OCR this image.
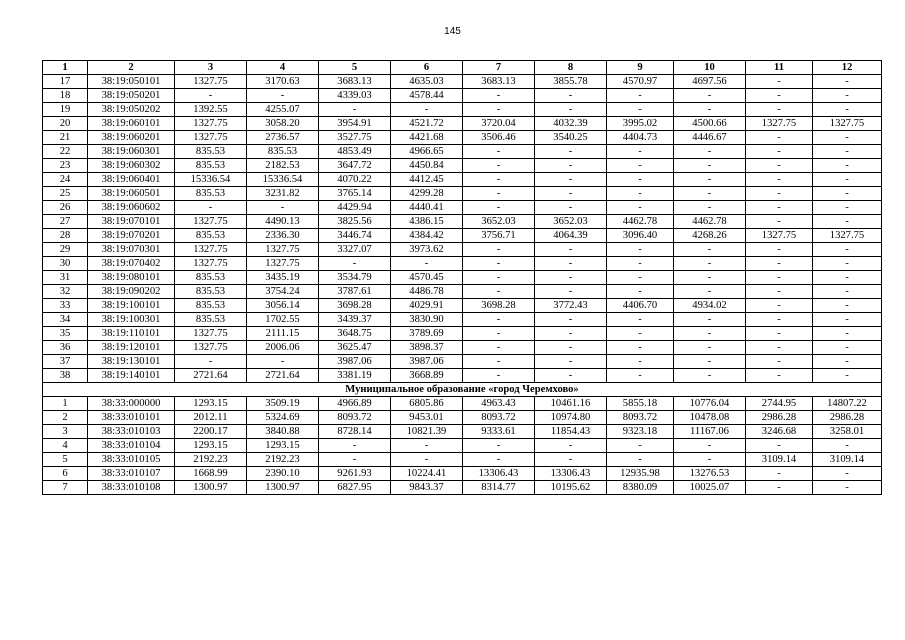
145
1	2	3	4	5	6	7	8	9	10	11	12
17	38:19:050101	1327.75	3170.63	3683.13	4635.03	3683.13	3855.78	4570.97	4697.56	-	-
18	38:19:050201	-	-	4339.03	4578.44	-	-	-	-	-	-
19	38:19:050202	1392.55	4255.07	-	-	-	-	-	-	-	-
20	38:19:060101	1327.75	3058.20	3954.91	4521.72	3720.04	4032.39	3995.02	4500.66	1327.75	1327.75
21	38:19:060201	1327.75	2736.57	3527.75	4421.68	3506.46	3540.25	4404.73	4446.67	-	-
22	38:19:060301	835.53	835.53	4853.49	4966.65	-	-	-	-	-	-
23	38:19:060302	835.53	2182.53	3647.72	4450.84	-	-	-	-	-	-
24	38:19:060401	15336.54	15336.54	4070.22	4412.45	-	-	-	-	-	-
25	38:19:060501	835.53	3231.82	3765.14	4299.28	-	-	-	-	-	-
26	38:19:060602	-	-	4429.94	4440.41	-	-	-	-	-	-
27	38:19:070101	1327.75	4490.13	3825.56	4386.15	3652.03	3652.03	4462.78	4462.78	-	-
28	38:19:070201	835.53	2336.30	3446.74	4384.42	3756.71	4064.39	3096.40	4268.26	1327.75	1327.75
29	38:19:070301	1327.75	1327.75	3327.07	3973.62	-	-	-	-	-	-
30	38:19:070402	1327.75	1327.75	-	-	-	-	-	-	-	-
31	38:19:080101	835.53	3435.19	3534.79	4570.45	-	-	-	-	-	-
32	38:19:090202	835.53	3754.24	3787.61	4486.78	-	-	-	-	-	-
33	38:19:100101	835.53	3056.14	3698.28	4029.91	3698.28	3772.43	4406.70	4934.02	-	-
34	38:19:100301	835.53	1702.55	3439.37	3830.90	-	-	-	-	-	-
35	38:19:110101	1327.75	2111.15	3648.75	3789.69	-	-	-	-	-	-
36	38:19:120101	1327.75	2006.06	3625.47	3898.37	-	-	-	-	-	-
37	38:19:130101	-	-	3987.06	3987.06	-	-	-	-	-	-
38	38:19:140101	2721.64	2721.64	3381.19	3668.89	-	-	-	-	-	-
Муниципальное образование «город Черемхово»											
1	38:33:000000	1293.15	3509.19	4966.89	6805.86	4963.43	10461.16	5855.18	10776.04	2744.95	14807.22
2	38:33:010101	2012.11	5324.69	8093.72	9453.01	8093.72	10974.80	8093.72	10478.08	2986.28	2986.28
3	38:33:010103	2200.17	3840.88	8728.14	10821.39	9333.61	11854.43	9323.18	11167.06	3246.68	3258.01
4	38:33:010104	1293.15	1293.15	-	-	-	-	-	-	-	-
5	38:33:010105	2192.23	2192.23	-	-	-	-	-	-	3109.14	3109.14
6	38:33:010107	1668.99	2390.10	9261.93	10224.41	13306.43	13306.43	12935.98	13276.53	-	-
7	38:33:010108	1300.97	1300.97	6827.95	9843.37	8314.77	10195.62	8380.09	10025.07	-	-
